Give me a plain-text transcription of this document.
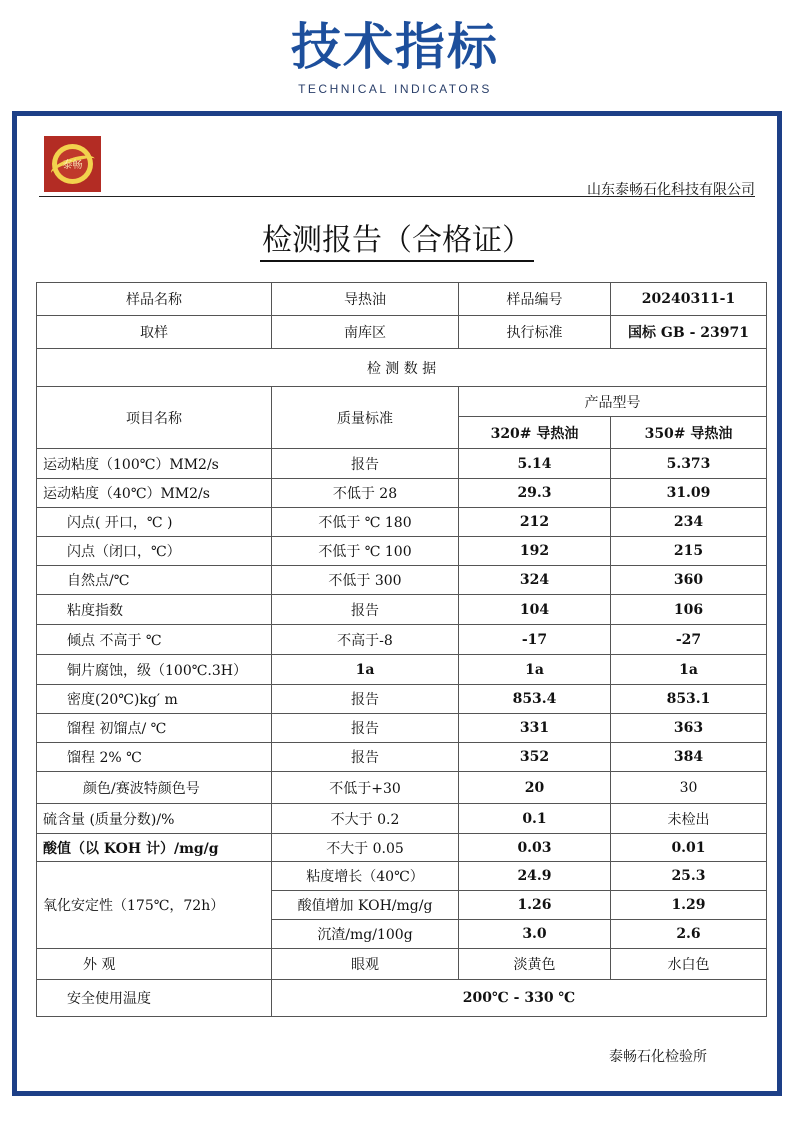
技术指标
TECHNICAL INDICATORS
泰畅
山东泰畅石化科技有限公司
检测报告（合格证）
样品名称	导热油	样品编号	20240311-1
取样	南库区	执行标准	国标 GB - 23971
检 测 数 据			
项目名称	质量标准	产品型号	
		320# 导热油	350# 导热油
运动粘度（100℃）MM2/s	报告	5.14	5.373
运动粘度（40℃）MM2/s	不低于 28	29.3	31.09
闪点( 开口，℃ )	不低于 ℃ 180	212	234
闪点（闭口，℃）	不低于 ℃ 100	192	215
自然点/℃	不低于 300	324	360
粘度指数	报告	104	106
倾点 不高于 ℃	不高于-8	-17	-27
铜片腐蚀，级（100℃.3H）	1a	1a	1a
密度(20℃)kg′ m	报告	853.4	853.1
馏程 初馏点/ ℃	报告	331	363
馏程 2% ℃	报告	352	384
颜色/赛波特颜色号	不低于+30	20	30
硫含量 (质量分数)/%	不大于 0.2	0.1	未检出
酸值（以 KOH 计）/mg/g	不大于 0.05	0.03	0.01
氧化安定性（175℃，72h）	粘度增长（40℃）	24.9	25.3
	酸值增加 KOH/mg/g	1.26	1.29
	沉渣/mg/100g	3.0	2.6
外 观	眼观	淡黄色	水白色
安全使用温度	200℃ - 330 ℃		
泰畅石化检验所
